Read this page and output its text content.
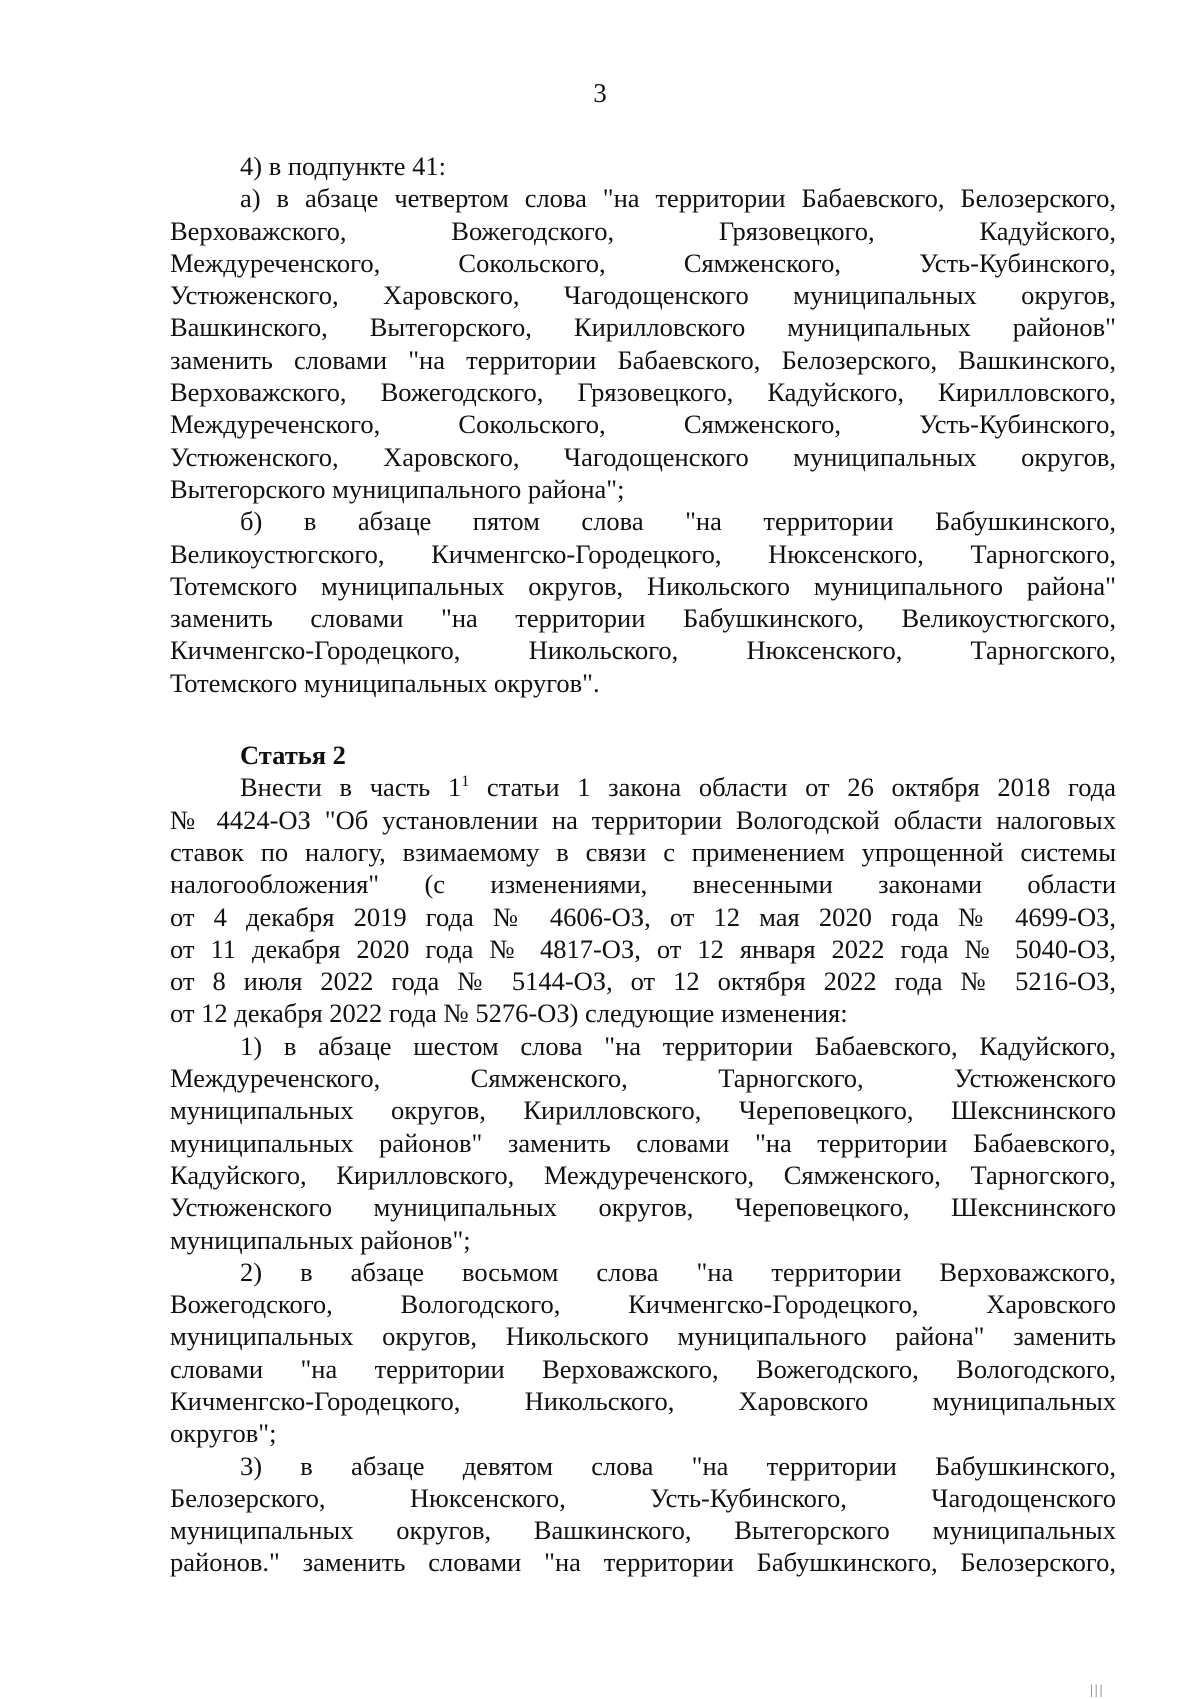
3
4) в подпункте 41:
а) в абзаце четвертом слова "на территории Бабаевского, Белозерского,
Верховажского, Вожегодского, Грязовецкого, Кадуйского,
Междуреченского, Сокольского, Сямженского, Усть-Кубинского,
Устюженского, Харовского, Чагодощенского муниципальных округов,
Вашкинского, Вытегорского, Кирилловского муниципальных районов"
заменить словами "на территории Бабаевского, Белозерского, Вашкинского,
Верховажского, Вожегодского, Грязовецкого, Кадуйского, Кирилловского,
Междуреченского, Сокольского, Сямженского, Усть-Кубинского,
Устюженского, Харовского, Чагодощенского муниципальных округов,
Вытегорского муниципального района";
б) в абзаце пятом слова "на территории Бабушкинского,
Великоустюгского, Кичменгско-Городецкого, Нюксенского, Тарногского,
Тотемского муниципальных округов, Никольского муниципального района"
заменить словами "на территории Бабушкинского, Великоустюгского,
Кичменгско-Городецкого, Никольского, Нюксенского, Тарногского,
Тотемского муниципальных округов".
Статья 2
Внести в часть $1^1$ статьи 1 закона области от 26 октября 2018 года
№ 4424-ОЗ "Об установлении на территории Вологодской области налоговых
ставок по налогу, взимаемому в связи с применением упрощенной системы
налогообложения" (с изменениями, внесенными законами области
от 4 декабря 2019 года № 4606-ОЗ, от 12 мая 2020 года № 4699-ОЗ,
от 11 декабря 2020 года № 4817-ОЗ, от 12 января 2022 года № 5040-ОЗ,
от 8 июля 2022 года № 5144-ОЗ, от 12 октября 2022 года № 5216-ОЗ,
от 12 декабря 2022 года № 5276-ОЗ) следующие изменения:
1) в абзаце шестом слова "на территории Бабаевского, Кадуйского,
Междуреченского, Сямженского, Тарногского, Устюженского
муниципальных округов, Кирилловского, Череповецкого, Шекснинского
муниципальных районов" заменить словами "на территории Бабаевского,
Кадуйского, Кирилловского, Междуреченского, Сямженского, Тарногского,
Устюженского муниципальных округов, Череповецкого, Шекснинского
муниципальных районов";
2) в абзаце восьмом слова "на территории Верховажского,
Вожегодского, Вологодского, Кичменгско-Городецкого, Харовского
муниципальных округов, Никольского муниципального района" заменить
словами "на территории Верховажского, Вожегодского, Вологодского,
Кичменгско-Городецкого, Никольского, Харовского муниципальных
округов";
3) в абзаце девятом слова "на территории Бабушкинского,
Белозерского, Нюксенского, Усть-Кубинского, Чагодощенского
муниципальных округов, Вашкинского, Вытегорского муниципальных
районов." заменить словами "на территории Бабушкинского, Белозерского,
|||
